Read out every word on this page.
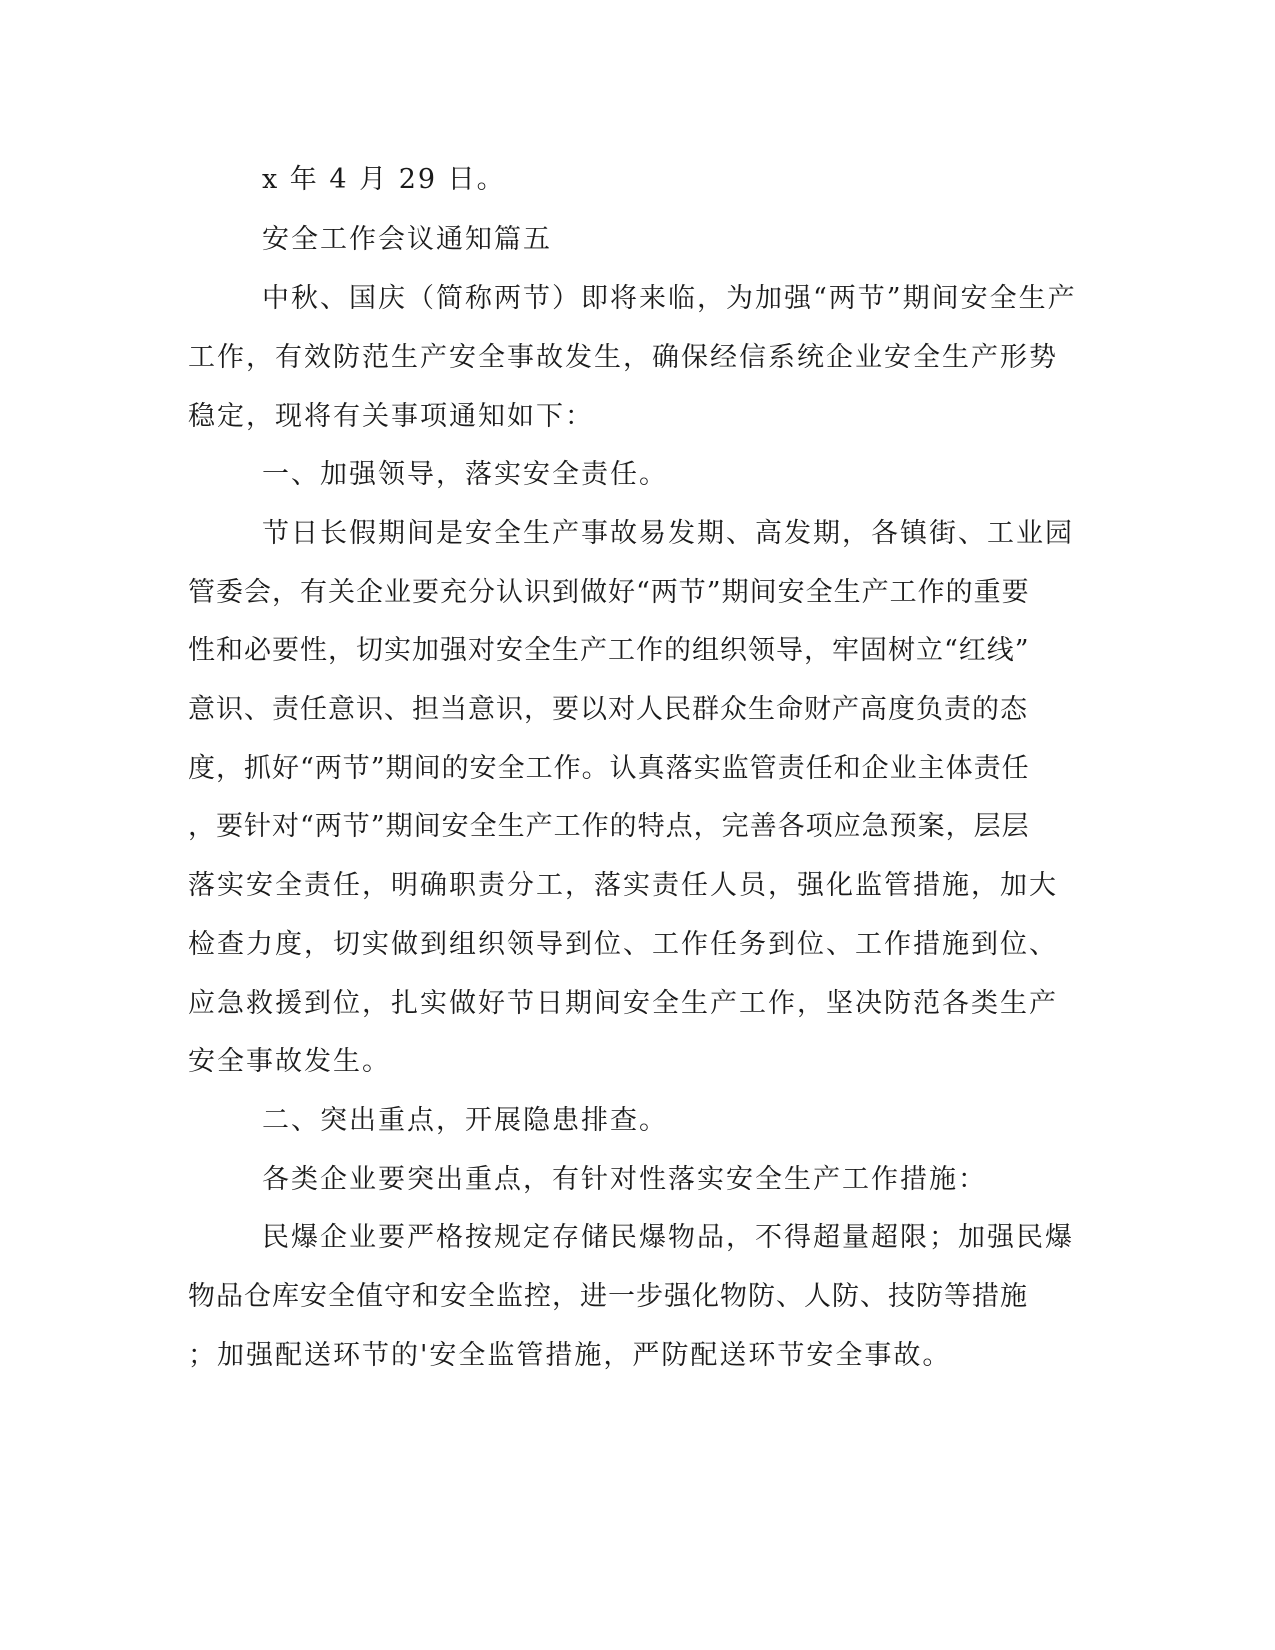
x 年 4 月 29 日。
安全工作会议通知篇五
中秋、国庆（简称两节）即将来临，为加强“两节”期间安全生产
工作，有效防范生产安全事故发生，确保经信系统企业安全生产形势
稳定，现将有关事项通知如下：
一、加强领导，落实安全责任。
节日长假期间是安全生产事故易发期、高发期，各镇街、工业园
管委会，有关企业要充分认识到做好“两节”期间安全生产工作的重要
性和必要性，切实加强对安全生产工作的组织领导，牢固树立“红线”
意识、责任意识、担当意识，要以对人民群众生命财产高度负责的态
度，抓好“两节”期间的安全工作。认真落实监管责任和企业主体责任
，要针对“两节”期间安全生产工作的特点，完善各项应急预案，层层
落实安全责任，明确职责分工，落实责任人员，强化监管措施，加大
检查力度，切实做到组织领导到位、工作任务到位、工作措施到位、
应急救援到位，扎实做好节日期间安全生产工作，坚决防范各类生产
安全事故发生。
二、突出重点，开展隐患排查。
各类企业要突出重点，有针对性落实安全生产工作措施：
民爆企业要严格按规定存储民爆物品，不得超量超限；加强民爆
物品仓库安全值守和安全监控，进一步强化物防、人防、技防等措施
；加强配送环节的'安全监管措施，严防配送环节安全事故。
